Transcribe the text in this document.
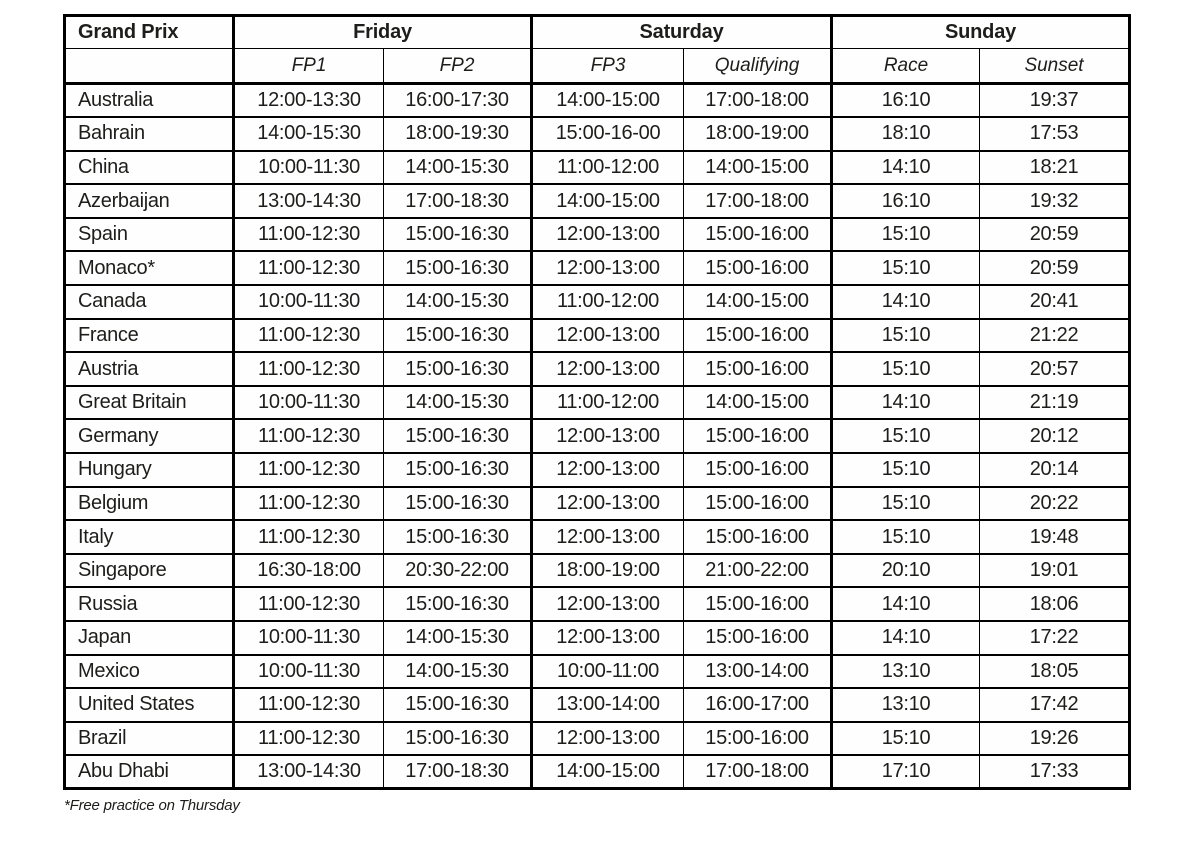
Grand Prix	Friday		Saturday		Sunday	
	FP1	FP2	FP3	Qualifying	Race	Sunset
Australia	12:00-13:30	16:00-17:30	14:00-15:00	17:00-18:00	16:10	19:37
Bahrain	14:00-15:30	18:00-19:30	15:00-16-00	18:00-19:00	18:10	17:53
China	10:00-11:30	14:00-15:30	11:00-12:00	14:00-15:00	14:10	18:21
Azerbaijan	13:00-14:30	17:00-18:30	14:00-15:00	17:00-18:00	16:10	19:32
Spain	11:00-12:30	15:00-16:30	12:00-13:00	15:00-16:00	15:10	20:59
Monaco*	11:00-12:30	15:00-16:30	12:00-13:00	15:00-16:00	15:10	20:59
Canada	10:00-11:30	14:00-15:30	11:00-12:00	14:00-15:00	14:10	20:41
France	11:00-12:30	15:00-16:30	12:00-13:00	15:00-16:00	15:10	21:22
Austria	11:00-12:30	15:00-16:30	12:00-13:00	15:00-16:00	15:10	20:57
Great Britain	10:00-11:30	14:00-15:30	11:00-12:00	14:00-15:00	14:10	21:19
Germany	11:00-12:30	15:00-16:30	12:00-13:00	15:00-16:00	15:10	20:12
Hungary	11:00-12:30	15:00-16:30	12:00-13:00	15:00-16:00	15:10	20:14
Belgium	11:00-12:30	15:00-16:30	12:00-13:00	15:00-16:00	15:10	20:22
Italy	11:00-12:30	15:00-16:30	12:00-13:00	15:00-16:00	15:10	19:48
Singapore	16:30-18:00	20:30-22:00	18:00-19:00	21:00-22:00	20:10	19:01
Russia	11:00-12:30	15:00-16:30	12:00-13:00	15:00-16:00	14:10	18:06
Japan	10:00-11:30	14:00-15:30	12:00-13:00	15:00-16:00	14:10	17:22
Mexico	10:00-11:30	14:00-15:30	10:00-11:00	13:00-14:00	13:10	18:05
United States	11:00-12:30	15:00-16:30	13:00-14:00	16:00-17:00	13:10	17:42
Brazil	11:00-12:30	15:00-16:30	12:00-13:00	15:00-16:00	15:10	19:26
Abu Dhabi	13:00-14:30	17:00-18:30	14:00-15:00	17:00-18:00	17:10	17:33

*Free practice on Thursday
